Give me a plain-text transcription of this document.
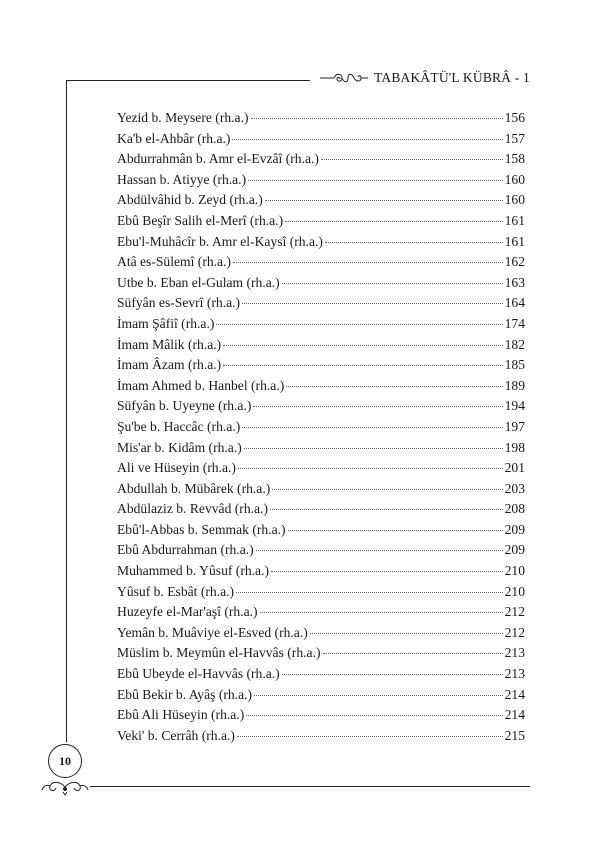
TABAKÂTÜ'L KÜBRÂ - 1
Yezid b. Meysere (rh.a.)	156
Ka'b el-Ahbâr (rh.a.)	157
Abdurrahmân b. Amr el-Evzâî (rh.a.)	158
Hassan b. Atiyye (rh.a.)	160
Abdülvâhid b. Zeyd (rh.a.)	160
Ebû Beşîr Salih el-Merî (rh.a.)	161
Ebu'l-Muhâcîr b. Amr el-Kaysî (rh.a.)	161
Atâ es-Sülemî (rh.a.)	162
Utbe b. Eban el-Gulam (rh.a.)	163
Süfyân es-Sevrî (rh.a.)	164
İmam Şâfiî (rh.a.)	174
İmam Mâlik (rh.a.)	182
İmam Âzam (rh.a.)	185
İmam Ahmed b. Hanbel (rh.a.)	189
Süfyân b. Uyeyne (rh.a.)	194
Şu'be b. Haccâc (rh.a.)	197
Mis'ar b. Kidâm (rh.a.)	198
Ali ve Hüseyin (rh.a.)	201
Abdullah b. Mübârek (rh.a.)	203
Abdülaziz b. Revvâd (rh.a.)	208
Ebû'l-Abbas b. Semmak (rh.a.)	209
Ebû Abdurrahman (rh.a.)	209
Muhammed b. Yûsuf (rh.a.)	210
Yûsuf b. Esbât (rh.a.)	210
Huzeyfe el-Mar'aşî (rh.a.)	212
Yemân b. Muâviye el-Esved (rh.a.)	212
Müslim b. Meymûn el-Havvâs (rh.a.)	213
Ebû Ubeyde el-Havvâs (rh.a.)	213
Ebû Bekir b. Ayâş (rh.a.)	214
Ebû Ali Hüseyin (rh.a.)	214
Veki' b. Cerrâh (rh.a.)	215
10
